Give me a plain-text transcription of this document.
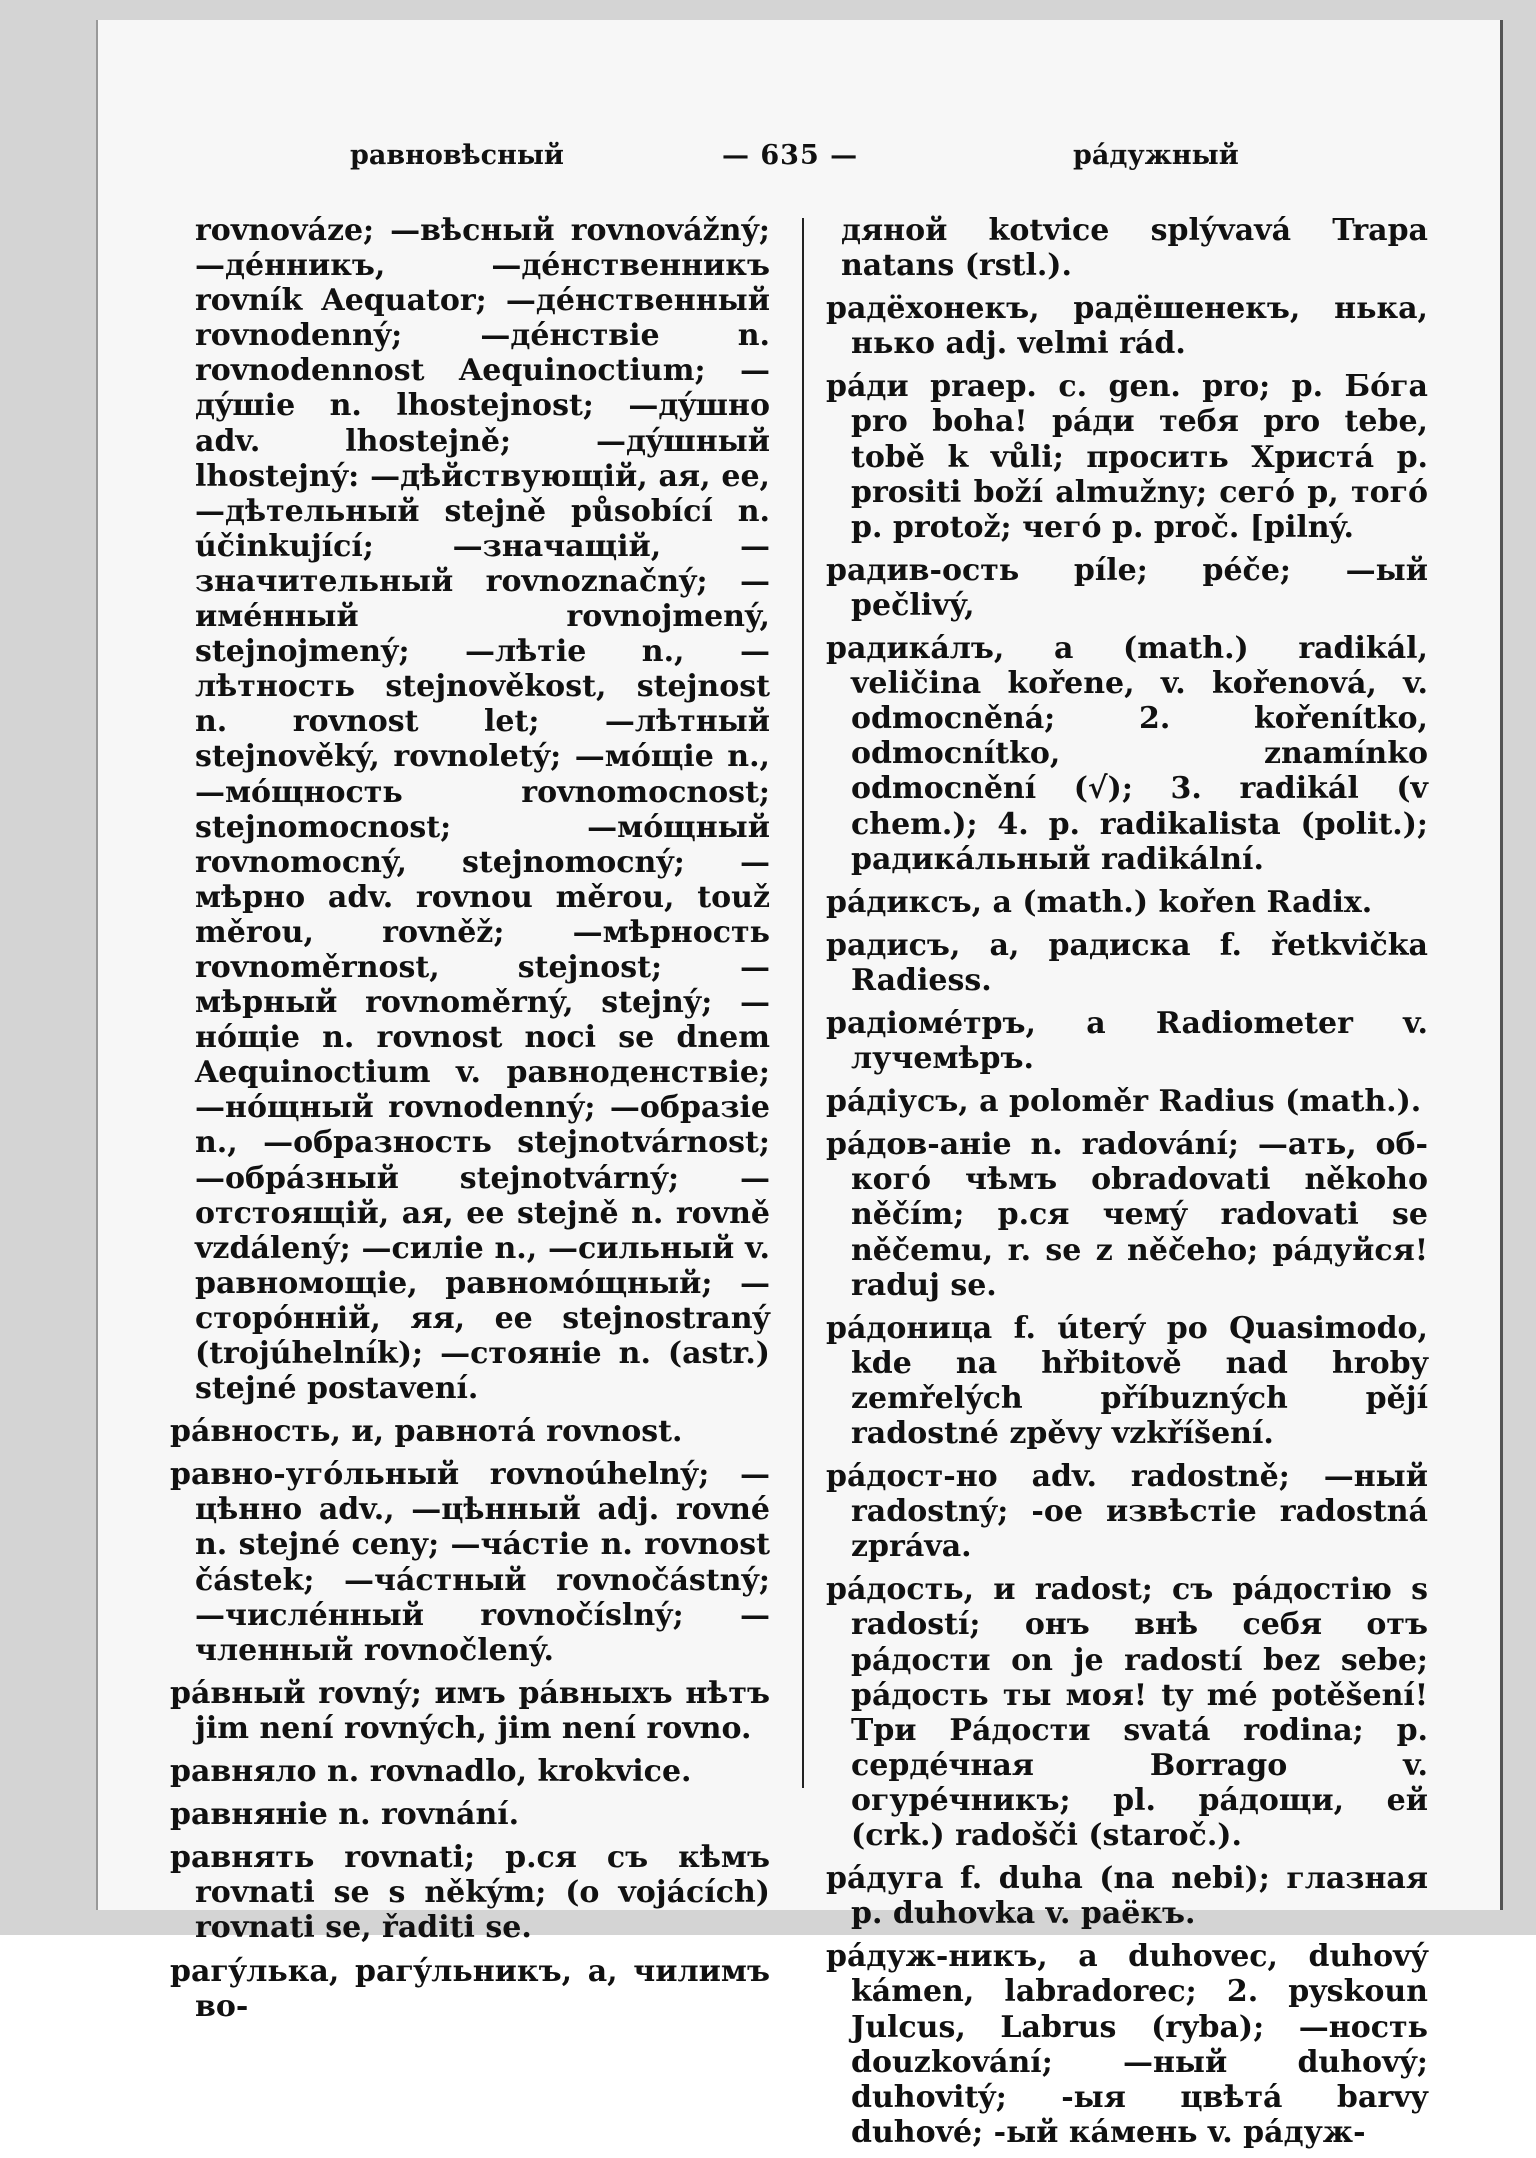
равновѣсный	— 635 —	рáдужный

rovnováze; —вѣсный rovnovážný; —дéнникъ, —дéнственникъ rovník Aequator; —дéнственный rovnodenný; —дéнствіе n. rovnodennost Aequinoctium; —дýшіе n. lhostejnost; —дýшно adv. lhostejně; —дýшный lhostejný: —дѣйствующій, ая, ее, —дѣтельный stejně působící n. účinkující; —значащій, —значительный rovnoznačný; —имéнный rovnojmený, stejnojmený; —лѣтіе n., —лѣтность stejnověkost, stejnost n. rovnost let; —лѣтный stejnověký, rovnoletý; —мóщіе n., —мóщность rovnomocnost; stejnomocnost; —мóщный rovnomocný, stejnomocný; —мѣрно adv. rovnou měrou, touž měrou, rovněž; —мѣрность rovnoměrnost, stejnost; —мѣрный rovnoměrný, stejný; —нóщіе n. rovnost noci se dnem Aequinoctium v. равноденствіе; —нóщный rovnodenný; —образіе n., —образность stejnotvárnost; —обрáзный stejnotvárný; —отстоящій, ая, ее stejně n. rovně vzdálený; —силіе n., —сильный v. равномощіе, равномóщный; —сторóнній, яя, ее stejnostraný (trojúhelník); —стояніе n. (astr.) stejné postavení.

рáвность, и, равнотá rovnost.

равно-угóльный rovnoúhelný; —цѣнно adv., —цѣнный adj. rovné n. stejné ceny; —чáстіе n. rovnost částek; —чáстный rovnočástný; —числéнный rovnočíslný; —членный rovnočlený.

рáвный rovný; имъ рáвныхъ нѣтъ jim není rovných, jim není rovno.

равнялo n. rovnadlo, krokvice.

равнянie n. rovnání.

равнять rovnati; р.ся съ кѣмъ rovnati se s někým; (o vojácích) rovnati se, řaditi se.

рагýлька, рагýльникъ, а, чилимъ во-

дяной kotvice splývavá Trapa natans (rstl.).

радёхонекъ, радёшенекъ, нька, нько adj. velmi rád.

рáди praep. c. gen. pro; р. Бóга pro boha! рáди тебя pro tebe, tobě k vůli; просить Христá р. prositi boží almužny; сегó р, тогó р. protož; чегó р. proč. [pilný.

радив-ость píle; péče; —ый pečlivý,

радикáлъ, а (math.) radikál, veličina kořene, v. kořenová, v. odmocněná; 2. kořenítko, odmocnítko, znamínko odmocnění (√); 3. radikál (v chem.); 4. р. radikalista (polit.); радикáльный radikální.

рáдиксъ, а (math.) kořen Radix.

радисъ, а, радиска f. řetkvička Radiess.

радіомéтръ, а Radiometer v. лучемѣръ.

рáдіусъ, а poloměr Radius (math.).

рáдов-аніе n. radování; —ать, об- когó чѣмъ obradovati někoho něčím; р.ся чемý radovati se něčemu, r. se z něčeho; рáдуйся! raduj se.

рáдоница f. úterý po Quasimodo, kde na hřbitově nad hroby zemřelých příbuzných pějí radostné zpěvy vzkříšení.

рáдост-но adv. radostně; —ный radostný; -ое извѣстіе radostná zpráva.

рáдость, и radost; съ рáдостію s radostí; онъ внѣ себя отъ рáдости on je radostí bez sebe; рáдость ты моя! ty mé potěšení! Три Рáдости svatá rodina; р. сердéчная Borrago v. огурéчникъ; pl. рáдощи, ей (crk.) radošči (staroč.).

рáдуга f. duha (na nebi); глазная р. duhovka v. раёкъ.

рáдуж-никъ, а duhovec, duhový kámen, labradorec; 2. pyskoun Julcus, Labrus (ryba); —ность douzkování; —ный duhový; duhovitý; -ыя цвѣтá barvy duhové; -ый кáмень v. рáдуж-
